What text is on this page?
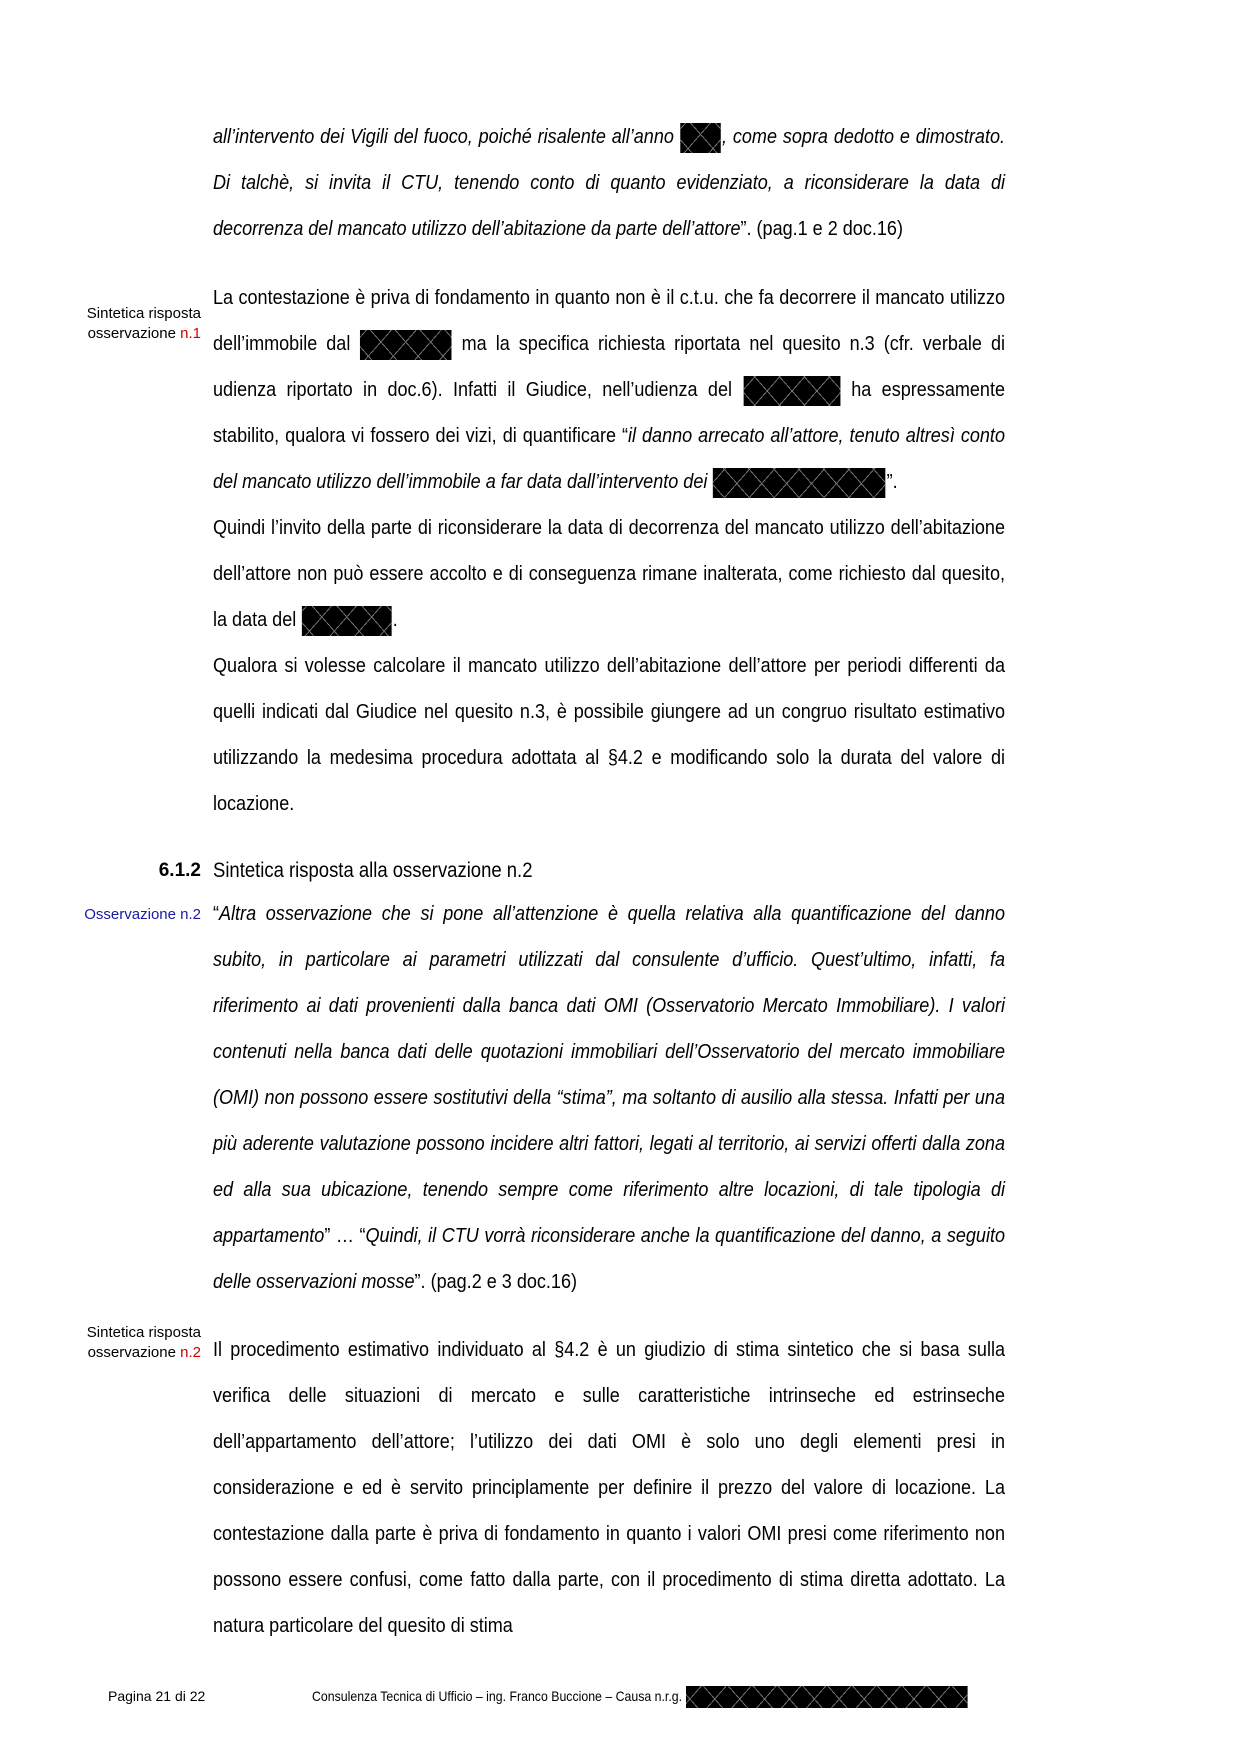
all’intervento dei Vigili del fuoco, poiché risalente all’anno , come sopra dedotto e dimostrato. Di talchè, si invita il CTU, tenendo conto di quanto evidenziato, a riconsiderare la data di decorrenza del mancato utilizzo dell’abitazione da parte dell’attore”. (pag.1 e 2 doc.16)
Sintetica risposta
osservazione n.1
La contestazione è priva di fondamento in quanto non è il c.t.u. che fa decorrere il mancato utilizzo dell’immobile dal	ma la specifica richiesta riportata nel quesito n.3 (cfr. verbale di udienza riportato in doc.6). Infatti il Giudice, nell’udienza del	ha espressamente stabilito, qualora vi fossero dei vizi, di quantificare “il danno arrecato all’attore, tenuto altresì conto del mancato utilizzo dell’immobile a far data dall’intervento dei	”.
Quindi l’invito della parte di riconsiderare la data di decorrenza del mancato utilizzo dell’abitazione dell’attore non può essere accolto e di conseguenza rimane inalterata, come richiesto dal quesito, la data del	.
Qualora si volesse calcolare il mancato utilizzo dell’abitazione dell’attore per periodi differenti da quelli indicati dal Giudice nel quesito n.3, è possibile giungere ad un congruo risultato estimativo utilizzando la medesima procedura adottata al §4.2 e modificando solo la durata del valore di locazione.
6.1.2 Sintetica risposta alla osservazione n.2
Osservazione n.2 “Altra osservazione che si pone all’attenzione è quella relativa alla quantificazione del danno subito, in particolare ai parametri utilizzati dal consulente d’ufficio. Quest’ultimo, infatti, fa riferimento ai dati provenienti dalla banca dati OMI (Osservatorio Mercato Immobiliare). I valori contenuti nella banca dati delle quotazioni immobiliari dell’Osservatorio del mercato immobiliare (OMI) non possono essere sostitutivi della “stima”, ma soltanto di ausilio alla stessa. Infatti per una più aderente valutazione possono incidere altri fattori, legati al territorio, ai servizi offerti dalla zona ed alla sua ubicazione, tenendo sempre come riferimento altre locazioni, di tale tipologia di appartamento” … “Quindi, il CTU vorrà riconsiderare anche la quantificazione del danno, a seguito delle osservazioni mosse”. (pag.2 e 3 doc.16)
Sintetica risposta
osservazione n.2 Il procedimento estimativo individuato al §4.2 è un giudizio di stima sintetico che si basa sulla verifica delle situazioni di mercato e sulle caratteristiche intrinseche ed estrinseche dell’appartamento dell’attore; l’utilizzo dei dati OMI è solo uno degli elementi presi in considerazione e ed è servito principlamente per definire il prezzo del valore di locazione. La contestazione dalla parte è priva di fondamento in quanto i valori OMI presi come riferimento non possono essere confusi, come fatto dalla parte, con il procedimento di stima diretta adottato. La natura particolare del quesito di stima
Pagina 21 di 22	Consulenza Tecnica di Ufficio – ing. Franco Buccione – Causa n.r.g.
